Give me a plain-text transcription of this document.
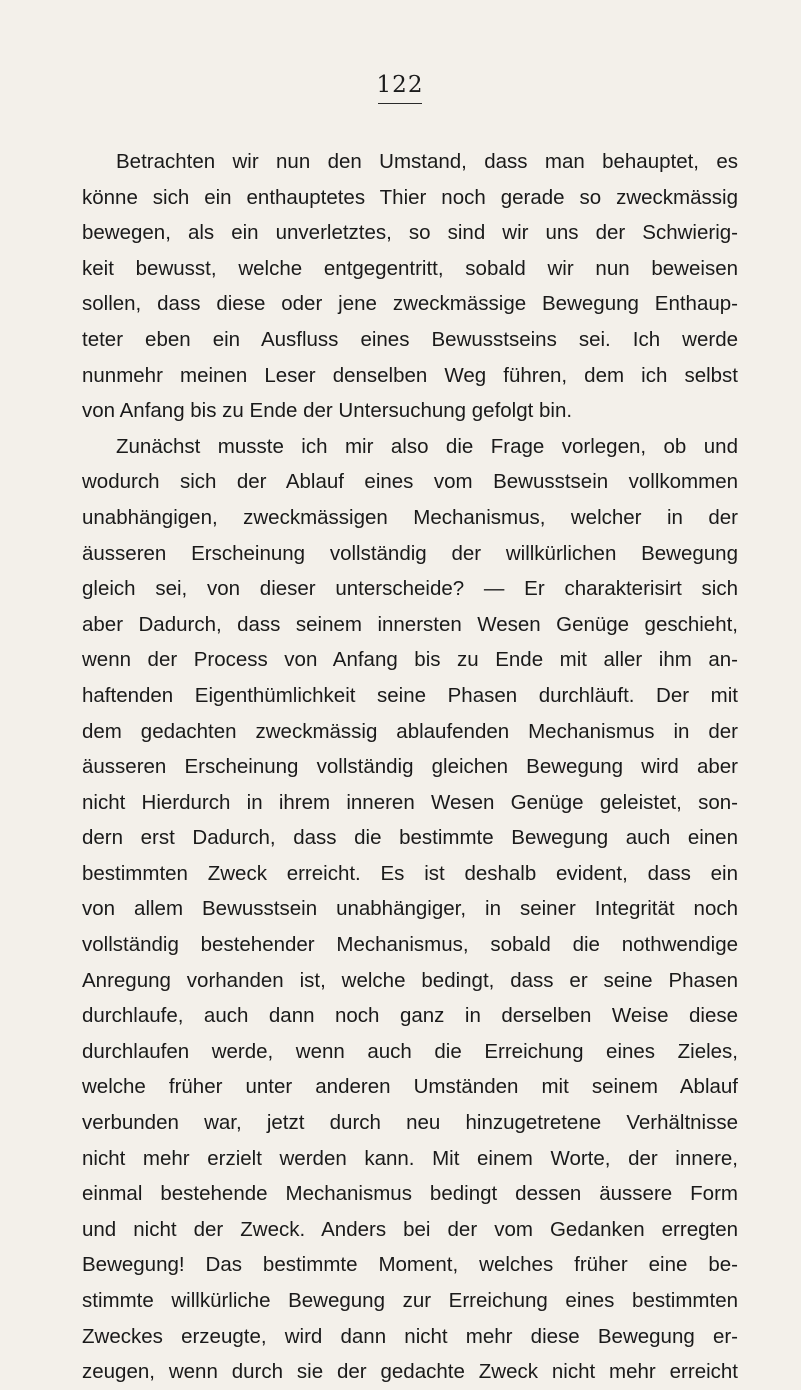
122
Betrachten wir nun den Umstand, dass man behauptet, es
könne sich ein enthauptetes Thier noch gerade so zweckmässig
bewegen, als ein unverletztes, so sind wir uns der Schwierig-
keit bewusst, welche entgegentritt, sobald wir nun beweisen
sollen, dass diese oder jene zweckmässige Bewegung Enthaup-
teter eben ein Ausfluss eines Bewusstseins sei. Ich werde
nunmehr meinen Leser denselben Weg führen, dem ich selbst
von Anfang bis zu Ende der Untersuchung gefolgt bin.
Zunächst musste ich mir also die Frage vorlegen, ob und
wodurch sich der Ablauf eines vom Bewusstsein vollkommen
unabhängigen, zweckmässigen Mechanismus, welcher in der
äusseren Erscheinung vollständig der willkürlichen Bewegung
gleich sei, von dieser unterscheide? — Er charakterisirt sich
aber Dadurch, dass seinem innersten Wesen Genüge geschieht,
wenn der Process von Anfang bis zu Ende mit aller ihm an-
haftenden Eigenthümlichkeit seine Phasen durchläuft. Der mit
dem gedachten zweckmässig ablaufenden Mechanismus in der
äusseren Erscheinung vollständig gleichen Bewegung wird aber
nicht Hierdurch in ihrem inneren Wesen Genüge geleistet, son-
dern erst Dadurch, dass die bestimmte Bewegung auch einen
bestimmten Zweck erreicht. Es ist deshalb evident, dass ein
von allem Bewusstsein unabhängiger, in seiner Integrität noch
vollständig bestehender Mechanismus, sobald die nothwendige
Anregung vorhanden ist, welche bedingt, dass er seine Phasen
durchlaufe, auch dann noch ganz in derselben Weise diese
durchlaufen werde, wenn auch die Erreichung eines Zieles,
welche früher unter anderen Umständen mit seinem Ablauf
verbunden war, jetzt durch neu hinzugetretene Verhältnisse
nicht mehr erzielt werden kann. Mit einem Worte, der innere,
einmal bestehende Mechanismus bedingt dessen äussere Form
und nicht der Zweck. Anders bei der vom Gedanken erregten
Bewegung! Das bestimmte Moment, welches früher eine be-
stimmte willkürliche Bewegung zur Erreichung eines bestimmten
Zweckes erzeugte, wird dann nicht mehr diese Bewegung er-
zeugen, wenn durch sie der gedachte Zweck nicht mehr erreicht
